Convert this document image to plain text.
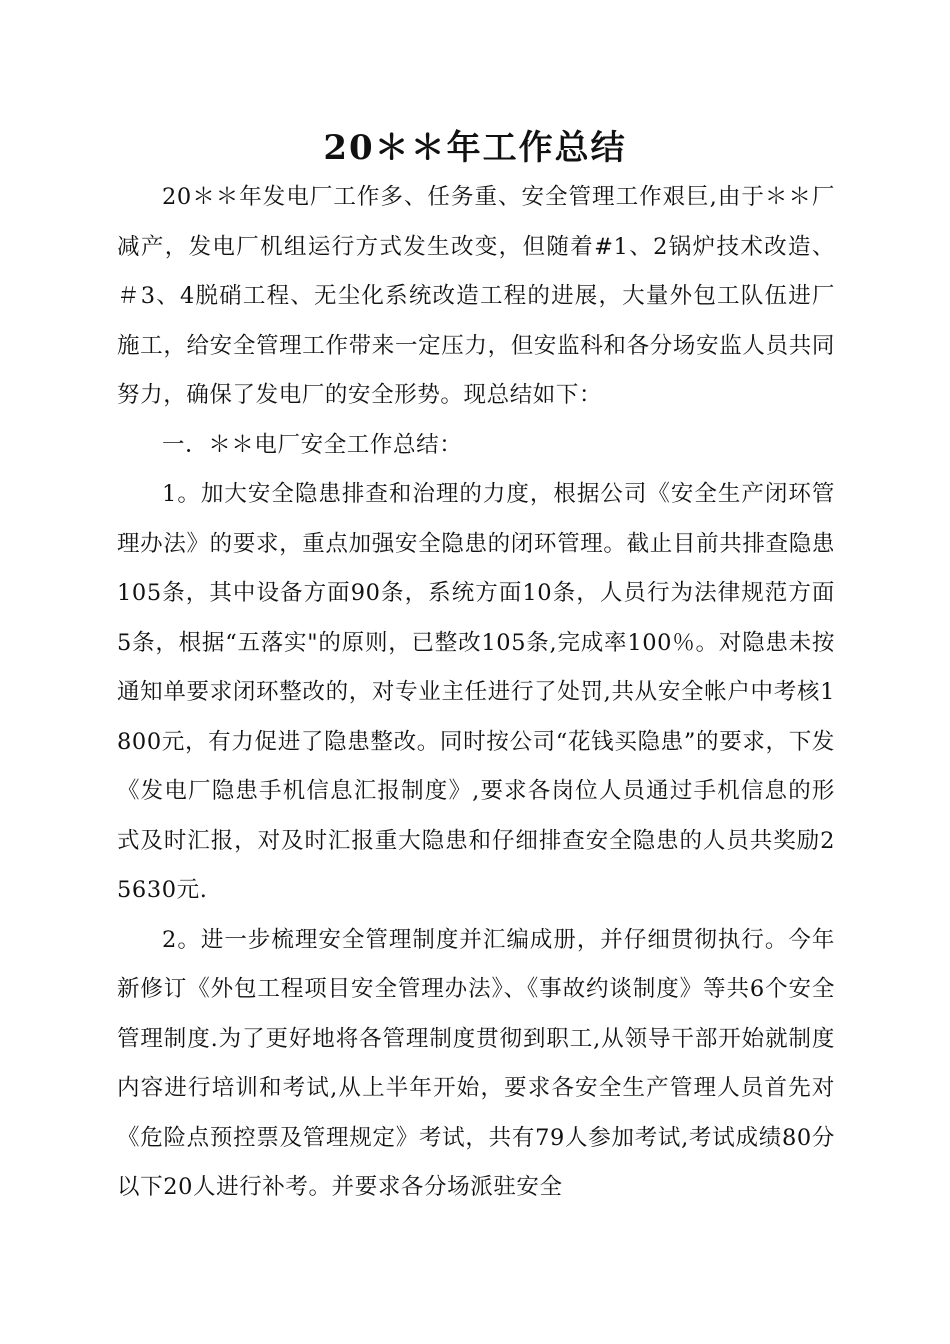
20＊＊年工作总结

20＊＊年发电厂工作多、任务重、安全管理工作艰巨,由于＊＊厂减产，发电厂机组运行方式发生改变，但随着#1、2锅炉技术改造、＃3、4脱硝工程、无尘化系统改造工程的进展，大量外包工队伍进厂施工，给安全管理工作带来一定压力，但安监科和各分场安监人员共同努力，确保了发电厂的安全形势。现总结如下：

一．＊＊电厂安全工作总结：

1。加大安全隐患排查和治理的力度，根据公司《安全生产闭环管理办法》的要求，重点加强安全隐患的闭环管理。截止目前共排查隐患105条，其中设备方面90条，系统方面10条，人员行为法律规范方面5条，根据“五落实"的原则，已整改105条,完成率100％。对隐患未按通知单要求闭环整改的，对专业主任进行了处罚,共从安全帐户中考核1800元，有力促进了隐患整改。同时按公司“花钱买隐患”的要求，下发《发电厂隐患手机信息汇报制度》,要求各岗位人员通过手机信息的形式及时汇报，对及时汇报重大隐患和仔细排查安全隐患的人员共奖励25630元.

2。进一步梳理安全管理制度并汇编成册，并仔细贯彻执行。今年新修订《外包工程项目安全管理办法》、《事故约谈制度》等共6个安全管理制度.为了更好地将各管理制度贯彻到职工,从领导干部开始就制度内容进行培训和考试,从上半年开始，要求各安全生产管理人员首先对《危险点预控票及管理规定》考试，共有79人参加考试,考试成绩80分以下20人进行补考。并要求各分场派驻安全
